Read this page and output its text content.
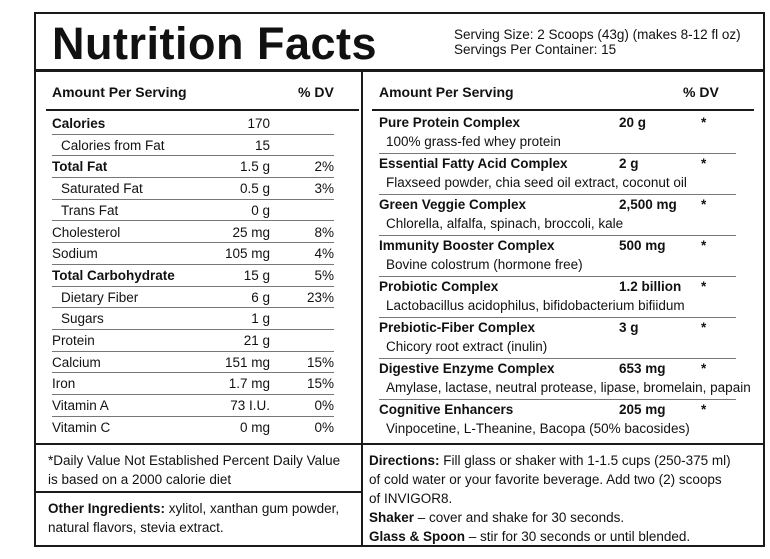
Nutrition Facts	Serving Size: 2 Scoops (43g) (makes 8-12 fl oz)
Servings Per Container: 15
Amount Per Serving	% DV
Calories	170
Calories from Fat	15
Total Fat	1.5 g	2%
Saturated Fat	0.5 g	3%
Trans Fat	0 g
Cholesterol	25 mg	8%
Sodium	105 mg	4%
Total Carbohydrate	15 g	5%
Dietary Fiber	6 g	23%
Sugars	1 g
Protein	21 g
Calcium	151 mg	15%
Iron	1.7 mg	15%
Vitamin A	73 I.U.	0%
Vitamin C	0 mg	0%
*Daily Value Not Established Percent Daily Value
is based on a 2000 calorie diet
Other Ingredients: xylitol, xanthan gum powder,
natural flavors, stevia extract.
Amount Per Serving	% DV
Pure Protein Complex	20 g	*
100% grass-fed whey protein
Essential Fatty Acid Complex	2 g	*
Flaxseed powder, chia seed oil extract, coconut oil
Green Veggie Complex	2,500 mg *
Chlorella, alfalfa, spinach, broccoli, kale
Immunity Booster Complex	500 mg	*
Bovine colostrum (hormone free)
Probiotic Complex	1.2 billion *
Lactobacillus acidophilus, bifidobacterium bifiidum
Prebiotic-Fiber Complex	3 g	*
Chicory root extract (inulin)
Digestive Enzyme Complex	653 mg	*
Amylase, lactase, neutral protease, lipase, bromelain, papain
Cognitive Enhancers	205 mg	*
Vinpocetine, L-Theanine, Bacopa (50% bacosides)
Directions: Fill glass or shaker with 1-1.5 cups (250-375 ml)
of cold water or your favorite beverage. Add two (2) scoops
of INVIGOR8.
Shaker – cover and shake for 30 seconds.
Glass & Spoon – stir for 30 seconds or until blended.
